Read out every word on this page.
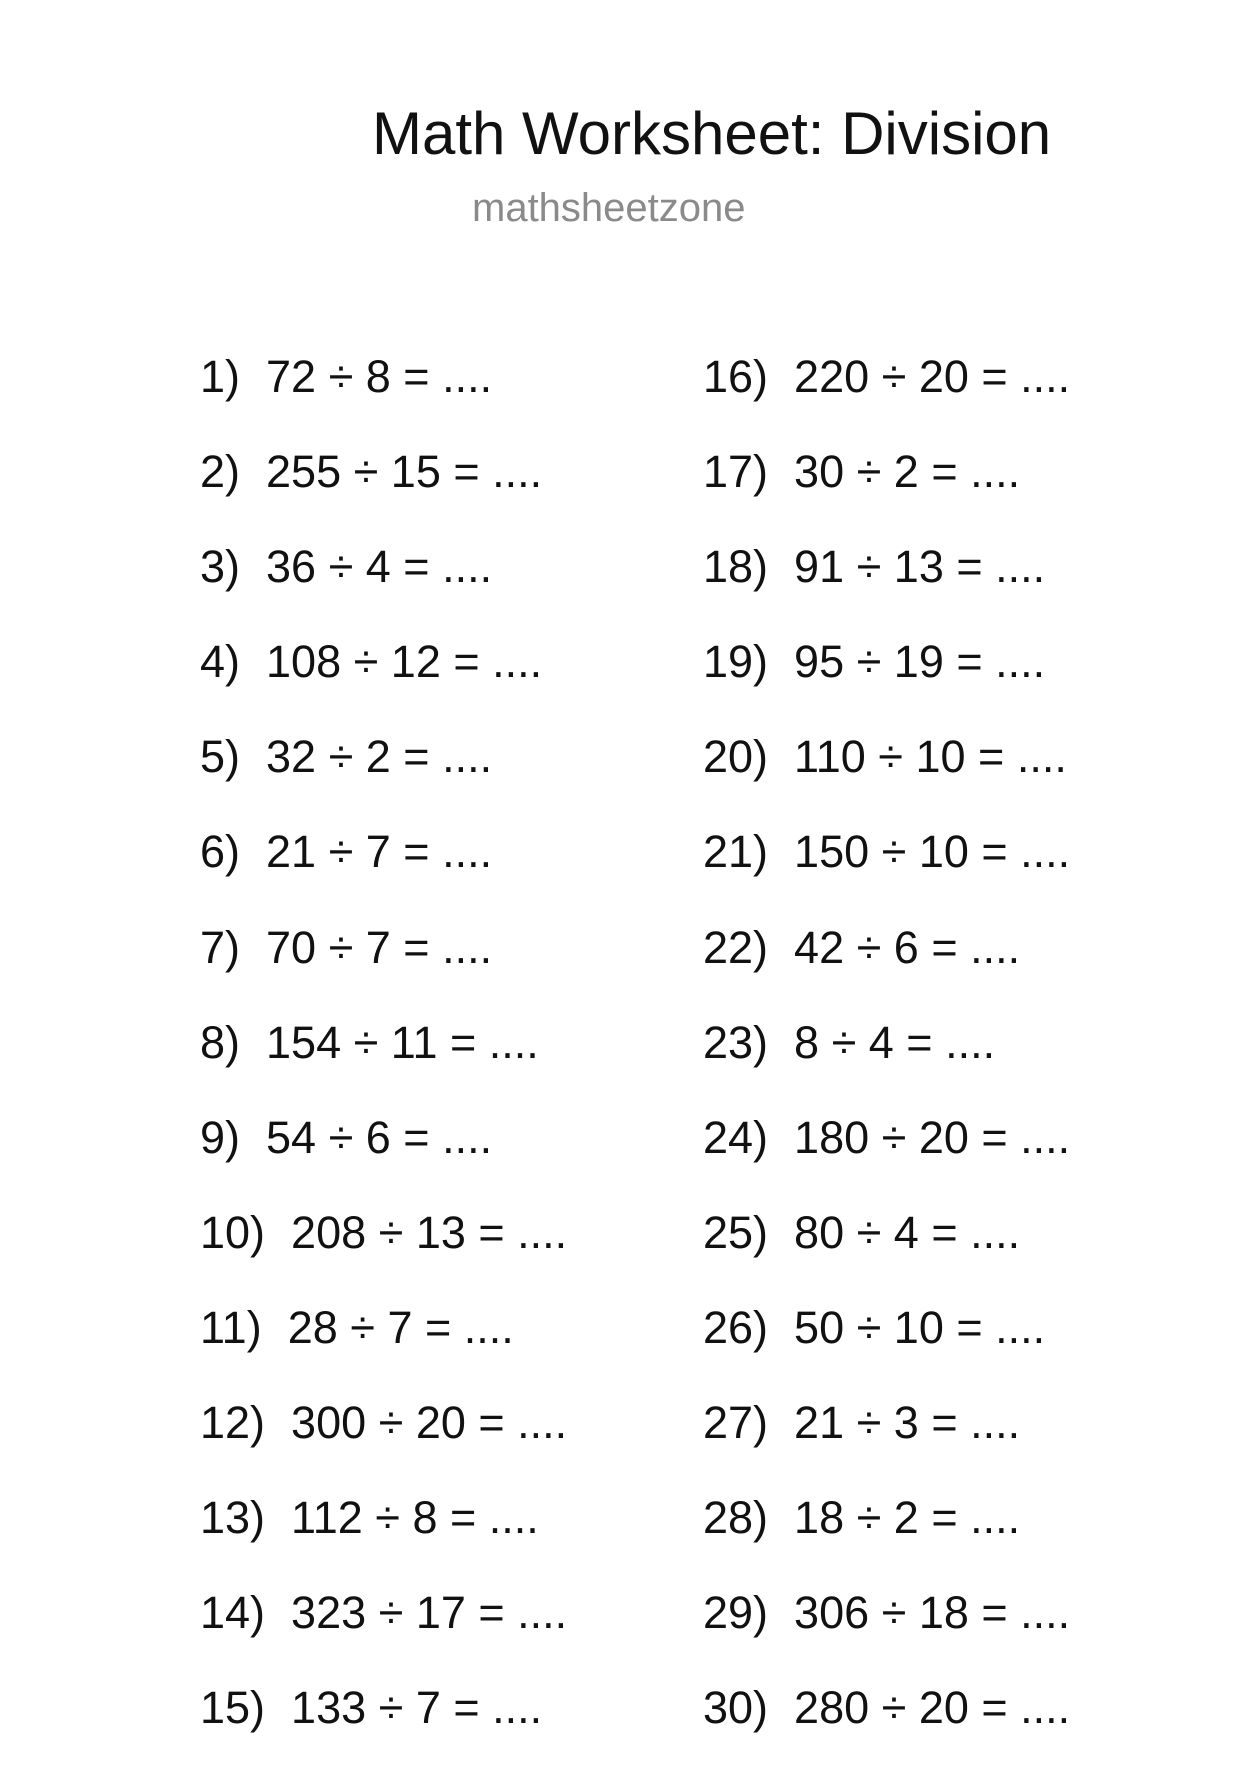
Math Worksheet: Division
mathsheetzone
1) 72 ÷ 8 = ....
2) 255 ÷ 15 = ....
3) 36 ÷ 4 = ....
4) 108 ÷ 12 = ....
5) 32 ÷ 2 = ....
6) 21 ÷ 7 = ....
7) 70 ÷ 7 = ....
8) 154 ÷ 11 = ....
9) 54 ÷ 6 = ....
10) 208 ÷ 13 = ....
11) 28 ÷ 7 = ....
12) 300 ÷ 20 = ....
13) 112 ÷ 8 = ....
14) 323 ÷ 17 = ....
15) 133 ÷ 7 = ....
16) 220 ÷ 20 = ....
17) 30 ÷ 2 = ....
18) 91 ÷ 13 = ....
19) 95 ÷ 19 = ....
20) 110 ÷ 10 = ....
21) 150 ÷ 10 = ....
22) 42 ÷ 6 = ....
23) 8 ÷ 4 = ....
24) 180 ÷ 20 = ....
25) 80 ÷ 4 = ....
26) 50 ÷ 10 = ....
27) 21 ÷ 3 = ....
28) 18 ÷ 2 = ....
29) 306 ÷ 18 = ....
30) 280 ÷ 20 = ....
